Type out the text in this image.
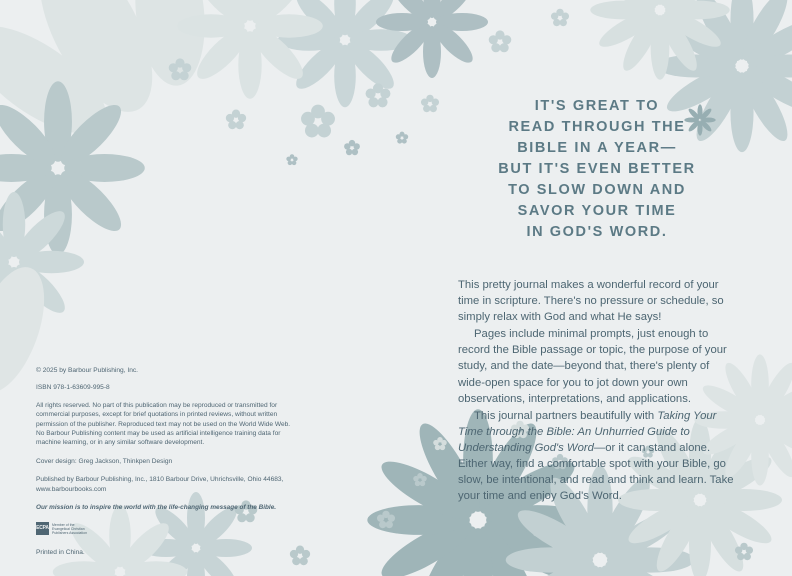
IT'S GREAT TO
READ THROUGH THE
BIBLE IN A YEAR—
BUT IT'S EVEN BETTER
TO SLOW DOWN AND
SAVOR YOUR TIME
IN GOD'S WORD.

This pretty journal makes a wonderful record of your time in scripture. There's no pressure or schedule, so simply relax with God and what He says!

Pages include minimal prompts, just enough to record the Bible passage or topic, the purpose of your study, and the date—beyond that, there's plenty of wide‑open space for you to jot down your own observations, interpretations, and applications.

This journal partners beautifully with Taking Your Time through the Bible: An Unhurried Guide to Understanding God's Word—or it can stand alone. Either way, find a comfortable spot with your Bible, go slow, be intentional, and read and think and learn. Take your time and enjoy God's Word.

© 2025 by Barbour Publishing, Inc.

ISBN 978-1-63609-995-8

All rights reserved. No part of this publication may be reproduced or transmitted for commercial purposes, except for brief quotations in printed reviews, without written permission of the publisher. Reproduced text may not be used on the World Wide Web. No Barbour Publishing content may be used as artificial intelligence training data for machine learning, or in any similar software development.

Cover design: Greg Jackson, Thinkpen Design

Published by Barbour Publishing, Inc., 1810 Barbour Drive, Uhrichsville, Ohio 44683,
www.barbourbooks.com

Our mission is to inspire the world with the life‑changing message of the Bible.

ECPA
Member of the
Evangelical Christian
Publishers Association

Printed in China.
